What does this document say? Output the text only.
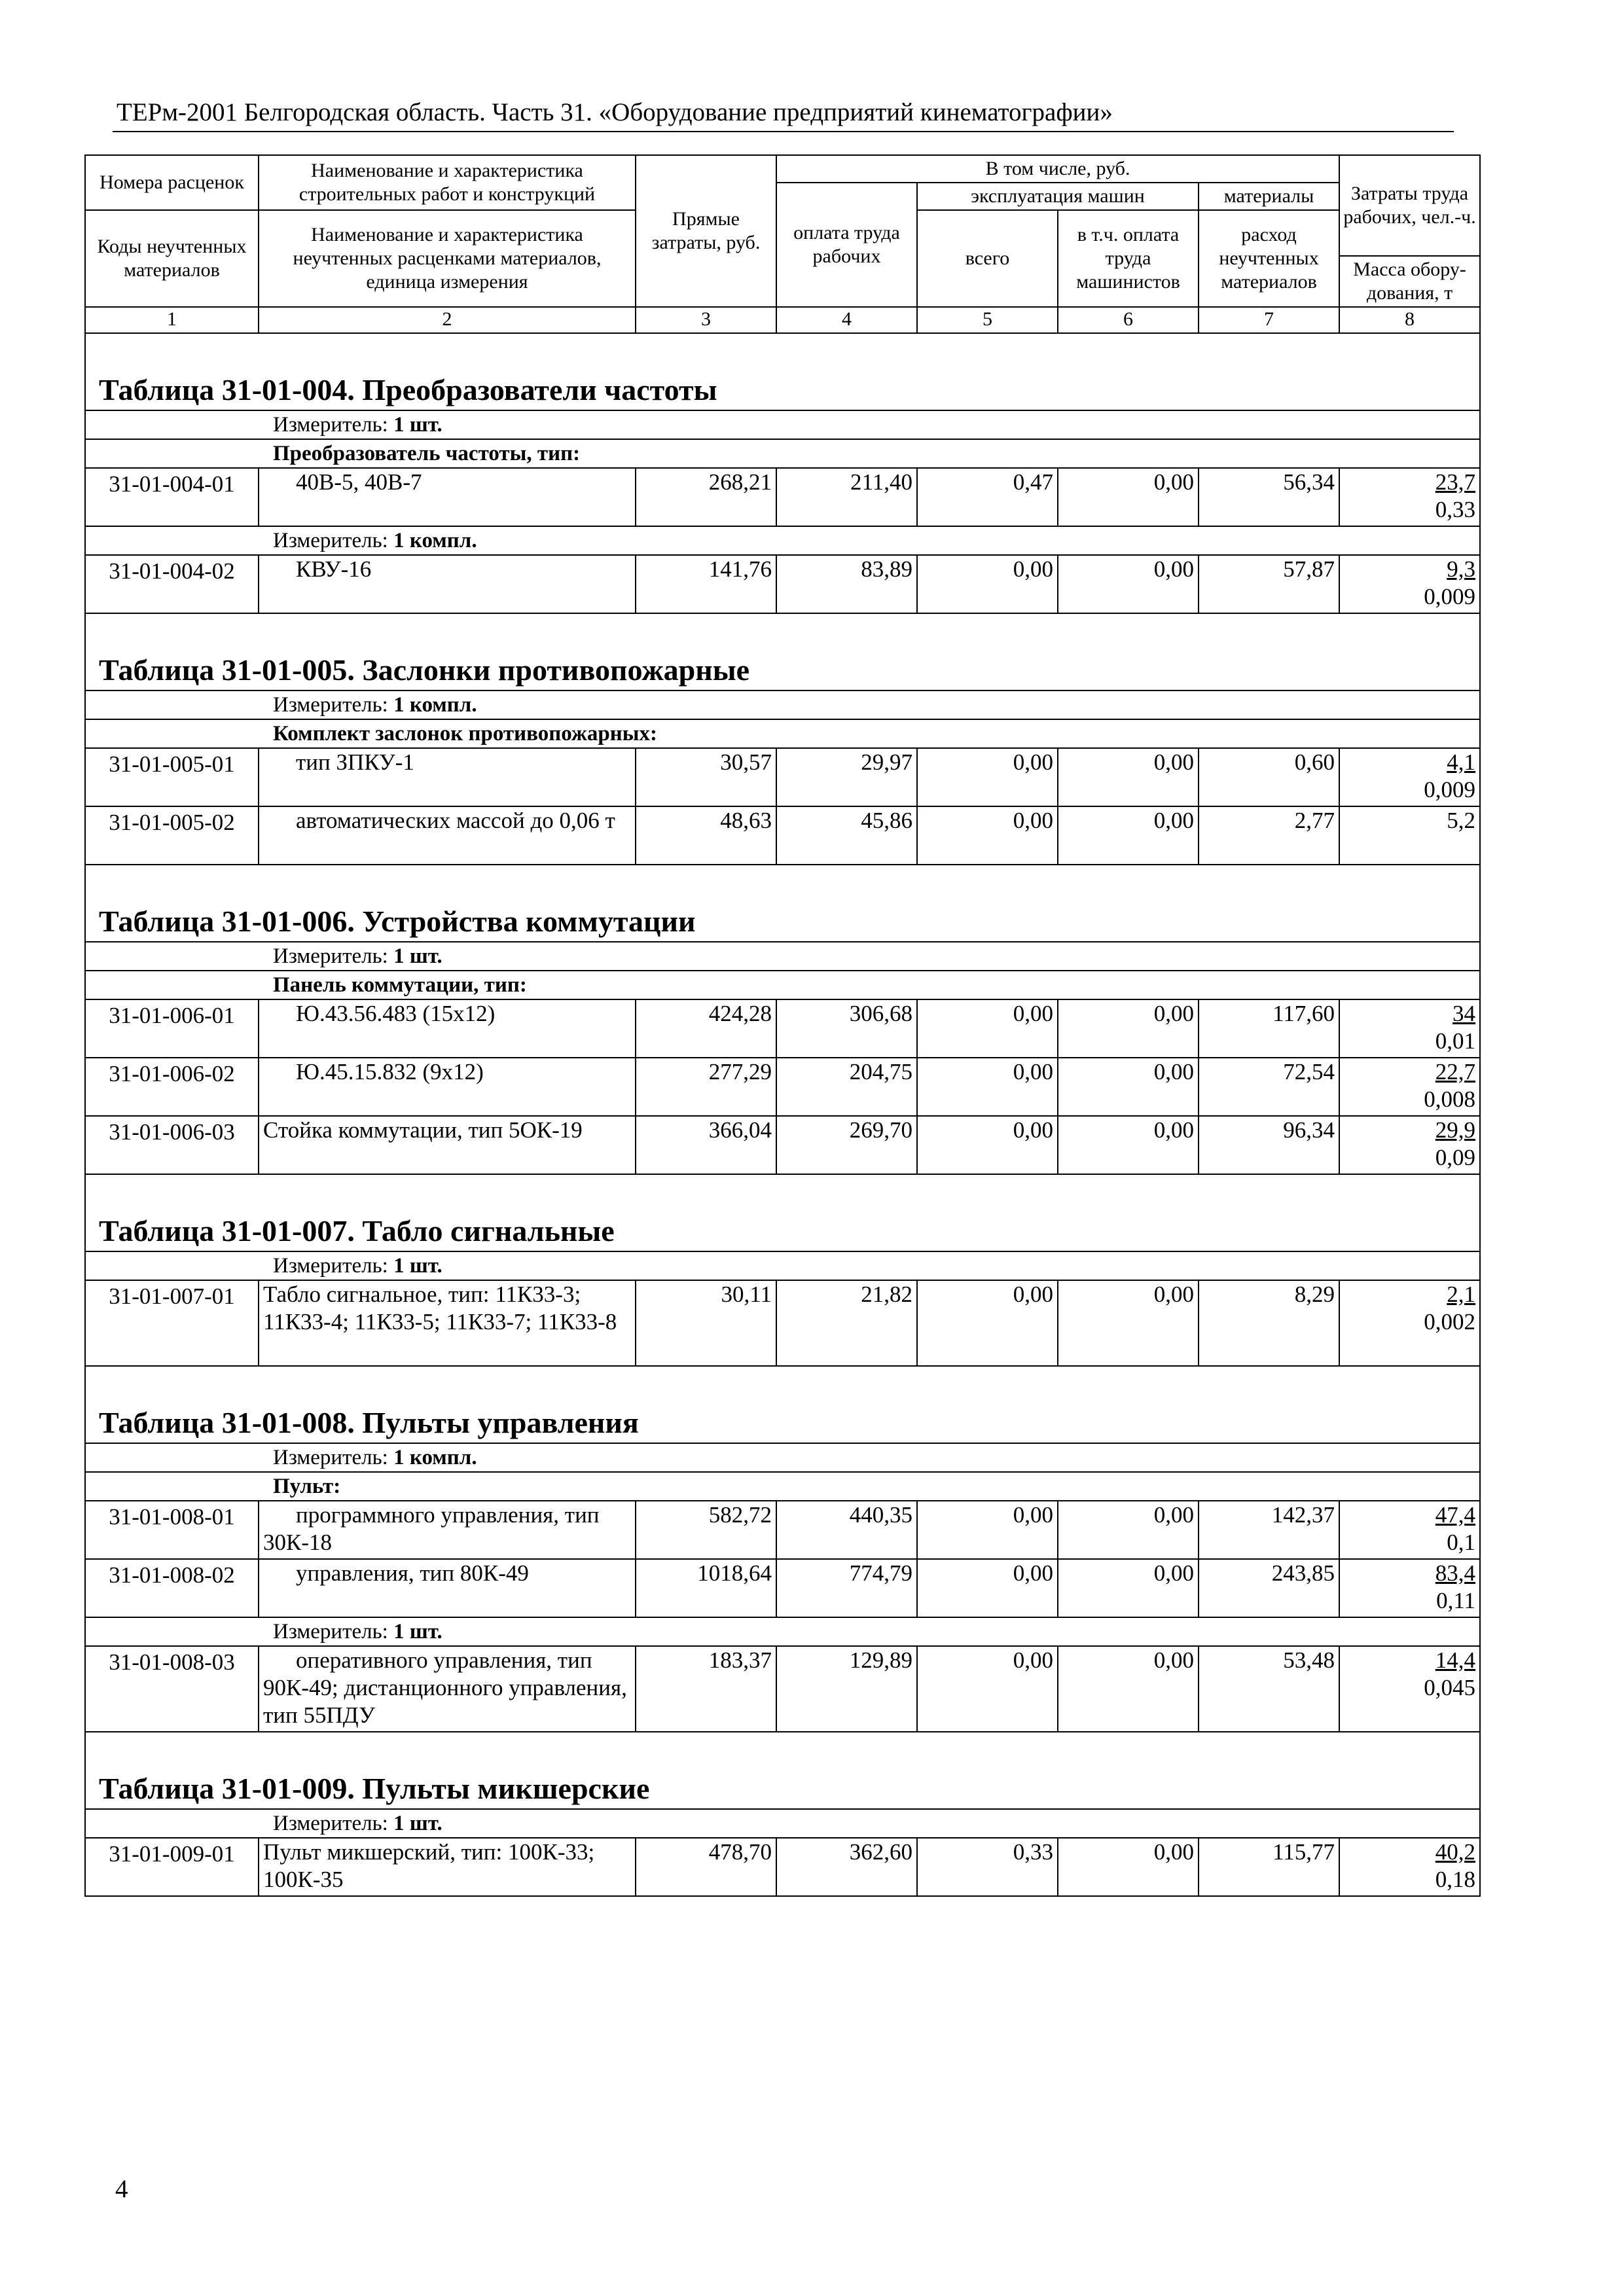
ТЕРм-2001 Белгородская область. Часть 31. «Оборудование предприятий кинематографии»
Номера расценок	Наименование и характеристика строительных работ и конструкций	Прямые затраты, руб.	В том числе, руб.				Затраты труда рабочих, чел.-ч.
			оплата труда рабочих	эксплуатация машин		материалы	
Коды неучтенных материалов	Наименование и характеристика неучтенных расценками материалов, единица измерения			всего	в т.ч. оплата труда машинистов	расход неучтенных материалов	
							Масса обору-дования, т
1	2	3	4	5	6	7	8
Таблица 31-01-004. Преобразователи частоты							
Измеритель: 1 шт.							
Преобразователь частоты, тип:							
31-01-004-01	40В-5, 40В-7	268,21	211,40	0,47	0,00	56,34	23,7
0,33

Измеритель: 1 компл.							
31-01-004-02	КВУ-16	141,76	83,89	0,00	0,00	57,87	9,3
0,009

Таблица 31-01-005. Заслонки противопожарные							
Измеритель: 1 компл.							
Комплект заслонок противопожарных:							
31-01-005-01	тип ЗПКУ-1	30,57	29,97	0,00	0,00	0,60	4,1
0,009

31-01-005-02	автоматических массой до 0,06 т	48,63	45,86	0,00	0,00	2,77	5,2
Таблица 31-01-006. Устройства коммутации							
Измеритель: 1 шт.							
Панель коммутации, тип:							
31-01-006-01	Ю.43.56.483 (15x12)	424,28	306,68	0,00	0,00	117,60	34
0,01

31-01-006-02	Ю.45.15.832 (9x12)	277,29	204,75	0,00	0,00	72,54	22,7
0,008

31-01-006-03	Стойка коммутации, тип 5ОК-19	366,04	269,70	0,00	0,00	96,34	29,9
0,09

Таблица 31-01-007. Табло сигнальные							
Измеритель: 1 шт.							
31-01-007-01	Табло сигнальное, тип: 11К33-3; 11К33-4; 11К33-5; 11К33-7; 11К33-8	30,11	21,82	0,00	0,00	8,29	2,1
0,002

Таблица 31-01-008. Пульты управления							
Измеритель: 1 компл.							
Пульт:							
31-01-008-01	программного управления, тип 30К-18	582,72	440,35	0,00	0,00	142,37	47,4
0,1

31-01-008-02	управления, тип 80К-49	1018,64	774,79	0,00	0,00	243,85	83,4
0,11

Измеритель: 1 шт.							
31-01-008-03	оперативного управления, тип 90К-49; дистанционного управления, тип 55ПДУ	183,37	129,89	0,00	0,00	53,48	14,4
0,045

Таблица 31-01-009. Пульты микшерские							
Измеритель: 1 шт.							
31-01-009-01	Пульт микшерский, тип: 100К-33; 100К-35	478,70	362,60	0,33	0,00	115,77	40,2
0,18
4
